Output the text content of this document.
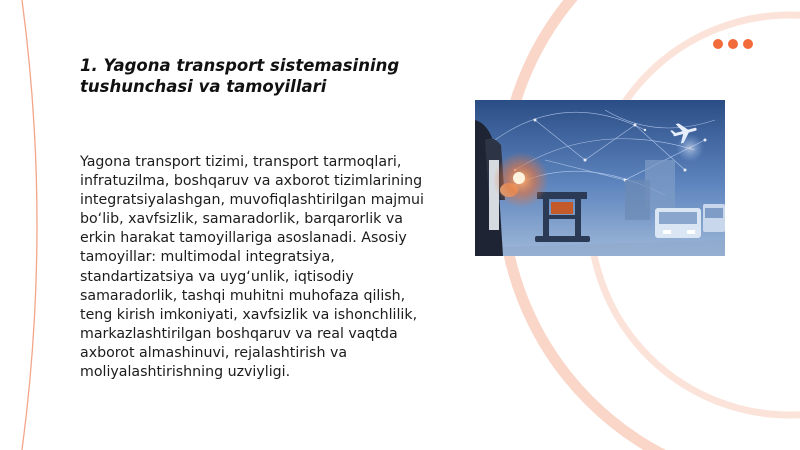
1. Yagona transport sistemasining tushunchasi va tamoyillari

Yagona transport tizimi, transport tarmoqlari, infratuzilma, boshqaruv va axborot tizimlarining integratsiyalashgan, muvofiqlashtirilgan majmui bo‘lib, xavfsizlik, samaradorlik, barqarorlik va erkin harakat tamoyillariga asoslanadi. Asosiy tamoyillar: multimodal integratsiya, standartizatsiya va uyg‘unlik, iqtisodiy samaradorlik, tashqi muhitni muhofaza qilish, teng kirish imkoniyati, xavfsizlik va ishonchlilik, markazlashtirilgan boshqaruv va real vaqtda axborot almashinuvi, rejalashtirish va moliyalashtirishning uzviyligi.
